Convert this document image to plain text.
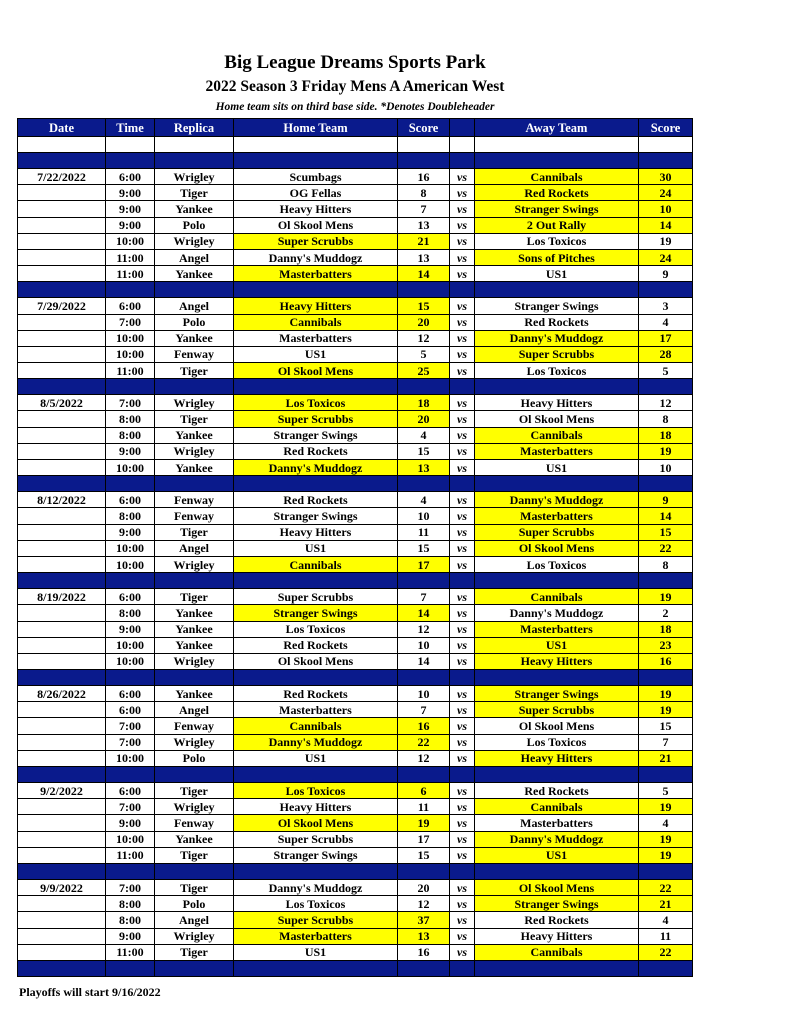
Big League Dreams Sports Park
2022 Season 3 Friday Mens A American West
Home team sits on third base side. *Denotes Doubleheader
Date	Time	Replica	Home Team	Score		Away Team	Score

7/22/2022	6:00	Wrigley	Scumbags	16	vs	Cannibals	30
	9:00	Tiger	OG Fellas	8	vs	Red Rockets	24
	9:00	Yankee	Heavy Hitters	7	vs	Stranger Swings	10
	9:00	Polo	Ol Skool Mens	13	vs	2 Out Rally	14
	10:00	Wrigley	Super Scrubbs	21	vs	Los Toxicos	19
	11:00	Angel	Danny's Muddogz	13	vs	Sons of Pitches	24
	11:00	Yankee	Masterbatters	14	vs	US1	9

7/29/2022	6:00	Angel	Heavy Hitters	15	vs	Stranger Swings	3
	7:00	Polo	Cannibals	20	vs	Red Rockets	4
	10:00	Yankee	Masterbatters	12	vs	Danny's Muddogz	17
	10:00	Fenway	US1	5	vs	Super Scrubbs	28
	11:00	Tiger	Ol Skool Mens	25	vs	Los Toxicos	5

8/5/2022	7:00	Wrigley	Los Toxicos	18	vs	Heavy Hitters	12
	8:00	Tiger	Super Scrubbs	20	vs	Ol Skool Mens	8
	8:00	Yankee	Stranger Swings	4	vs	Cannibals	18
	9:00	Wrigley	Red Rockets	15	vs	Masterbatters	19
	10:00	Yankee	Danny's Muddogz	13	vs	US1	10

8/12/2022	6:00	Fenway	Red Rockets	4	vs	Danny's Muddogz	9
	8:00	Fenway	Stranger Swings	10	vs	Masterbatters	14
	9:00	Tiger	Heavy Hitters	11	vs	Super Scrubbs	15
	10:00	Angel	US1	15	vs	Ol Skool Mens	22
	10:00	Wrigley	Cannibals	17	vs	Los Toxicos	8

8/19/2022	6:00	Tiger	Super Scrubbs	7	vs	Cannibals	19
	8:00	Yankee	Stranger Swings	14	vs	Danny's Muddogz	2
	9:00	Yankee	Los Toxicos	12	vs	Masterbatters	18
	10:00	Yankee	Red Rockets	10	vs	US1	23
	10:00	Wrigley	Ol Skool Mens	14	vs	Heavy Hitters	16

8/26/2022	6:00	Yankee	Red Rockets	10	vs	Stranger Swings	19
	6:00	Angel	Masterbatters	7	vs	Super Scrubbs	19
	7:00	Fenway	Cannibals	16	vs	Ol Skool Mens	15
	7:00	Wrigley	Danny's Muddogz	22	vs	Los Toxicos	7
	10:00	Polo	US1	12	vs	Heavy Hitters	21

9/2/2022	6:00	Tiger	Los Toxicos	6	vs	Red Rockets	5
	7:00	Wrigley	Heavy Hitters	11	vs	Cannibals	19
	9:00	Fenway	Ol Skool Mens	19	vs	Masterbatters	4
	10:00	Yankee	Super Scrubbs	17	vs	Danny's Muddogz	19
	11:00	Tiger	Stranger Swings	15	vs	US1	19

9/9/2022	7:00	Tiger	Danny's Muddogz	20	vs	Ol Skool Mens	22
	8:00	Polo	Los Toxicos	12	vs	Stranger Swings	21
	8:00	Angel	Super Scrubbs	37	vs	Red Rockets	4
	9:00	Wrigley	Masterbatters	13	vs	Heavy Hitters	11
	11:00	Tiger	US1	16	vs	Cannibals	22

Playoffs will start 9/16/2022
